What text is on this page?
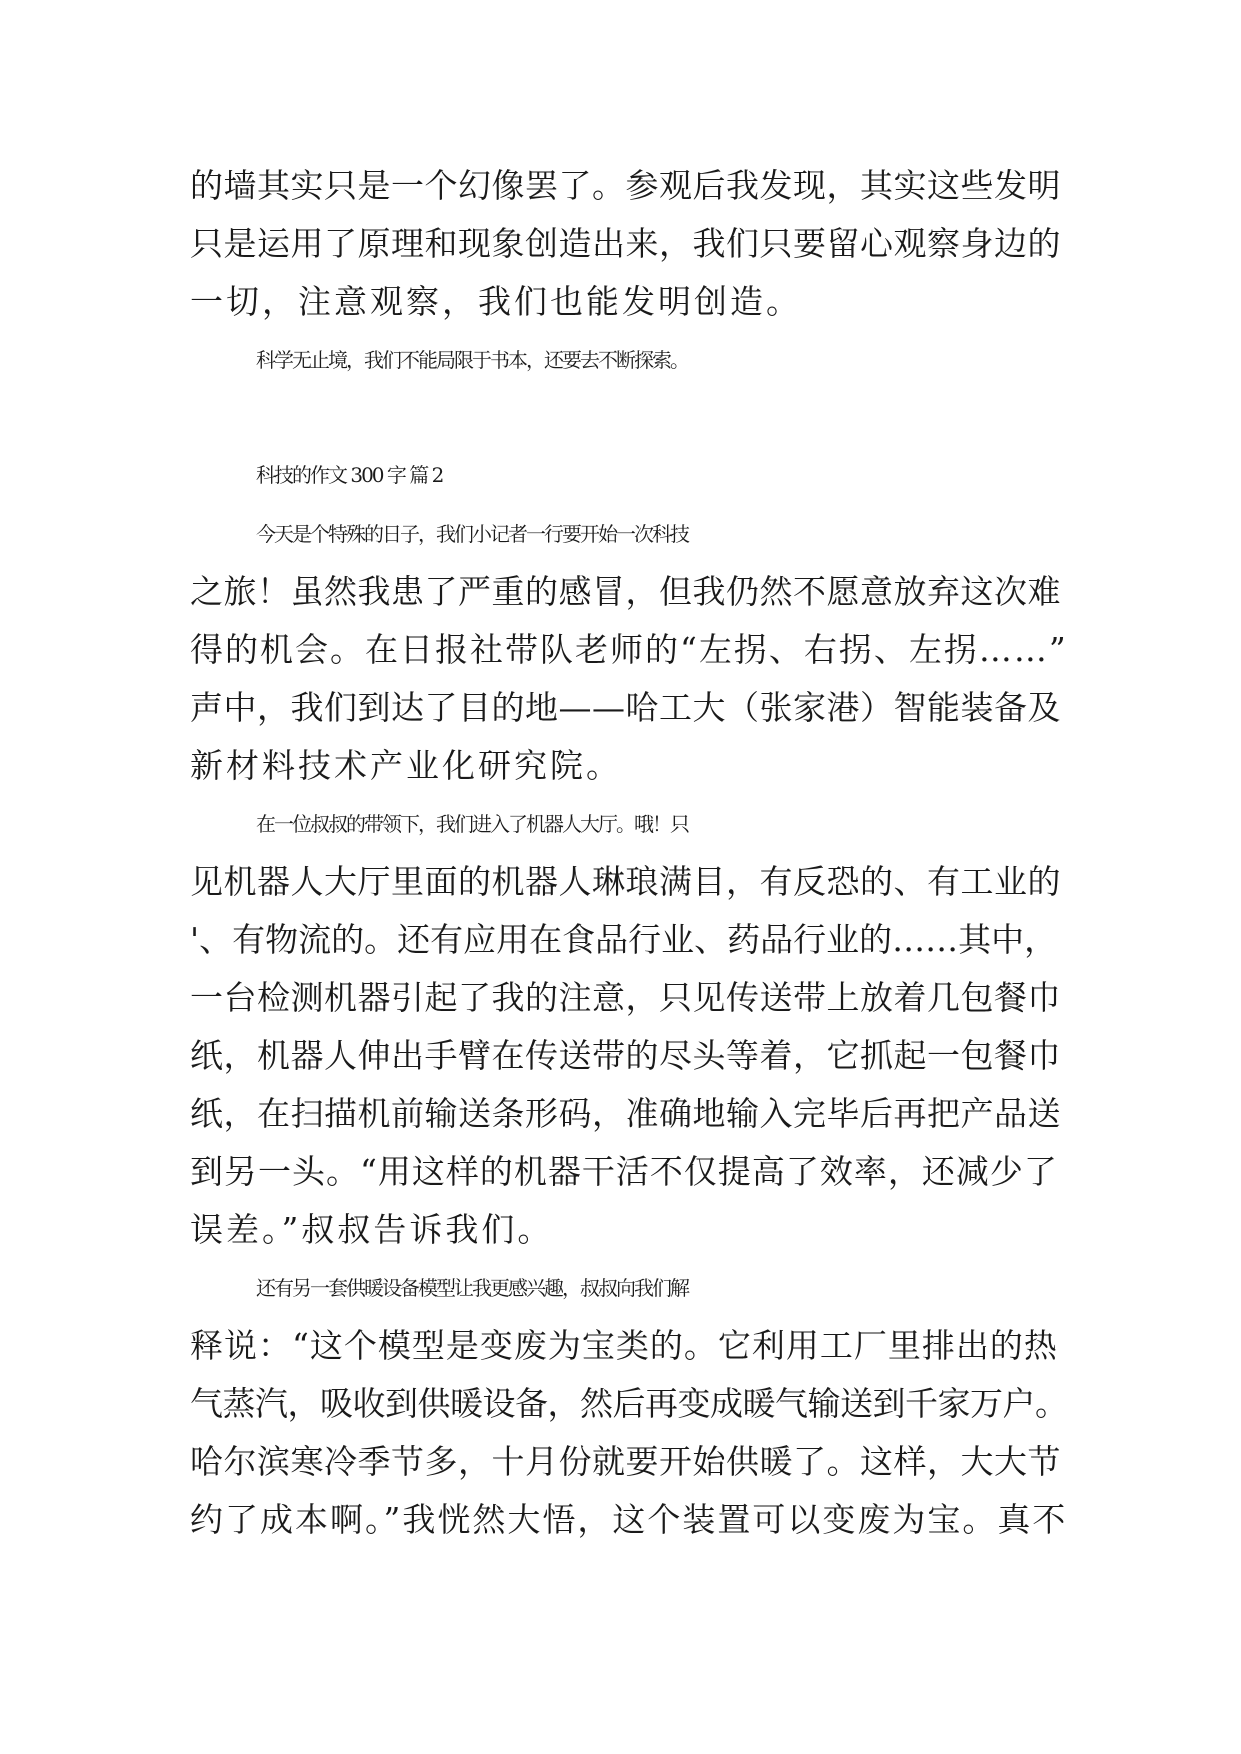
的墙其实只是一个幻像罢了。参观后我发现，其实这些发明
只是运用了原理和现象创造出来，我们只要留心观察身边的
一切，注意观察，我们也能发明创造。
科学无止境，我们不能局限于书本，还要去不断探索。
科技的作文 300 字 篇 2
今天是个特殊的日子，我们小记者一行要开始一次科技
之旅！虽然我患了严重的感冒，但我仍然不愿意放弃这次难
得的机会。在日报社带队老师的“左拐、右拐、左拐……”
声中，我们到达了目的地——哈工大（张家港）智能装备及
新材料技术产业化研究院。
在一位叔叔的带领下，我们进入了机器人大厅。哦！只
见机器人大厅里面的机器人琳琅满目，有反恐的、有工业的
'、有物流的。还有应用在食品行业、药品行业的……其中，
一台检测机器引起了我的注意，只见传送带上放着几包餐巾
纸，机器人伸出手臂在传送带的尽头等着，它抓起一包餐巾
纸，在扫描机前输送条形码，准确地输入完毕后再把产品送
到另一头。“用这样的机器干活不仅提高了效率，还减少了
误差。”叔叔告诉我们。
还有另一套供暖设备模型让我更感兴趣，叔叔向我们解
释说：“这个模型是变废为宝类的。它利用工厂里排出的热
气蒸汽，吸收到供暖设备，然后再变成暖气输送到千家万户。
哈尔滨寒冷季节多，十月份就要开始供暖了。这样，大大节
约了成本啊。”我恍然大悟，这个装置可以变废为宝。真不
